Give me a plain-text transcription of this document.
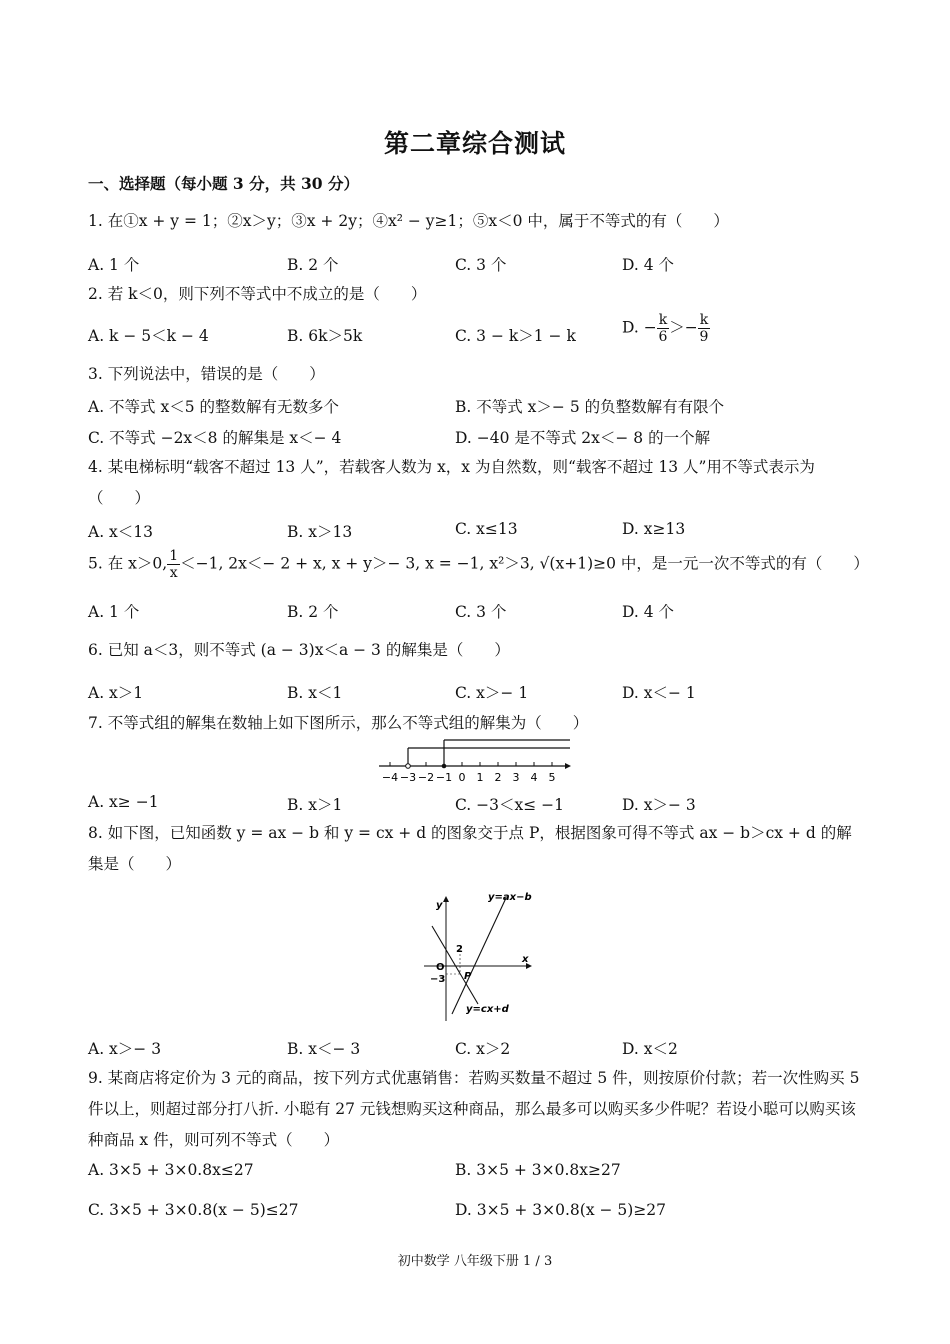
第二章综合测试
一、选择题（每小题 3 分，共 30 分）
1. 在①x + y = 1；②x＞y；③x + 2y；④x² − y≥1；⑤x＜0 中，属于不等式的有（　　）
A. 1 个	B. 2 个	C. 3 个	D. 4 个
2. 若 k＜0，则下列不等式中不成立的是（　　）
A. k − 5＜k − 4	B. 6k＞5k	C. 3 − k＞1 − k	D. − $\frac{k}{6} >- \frac{k}{9}$
3. 下列说法中，错误的是（　　）
A. 不等式 x＜5 的整数解有无数多个	B. 不等式 x＞− 5 的负整数解有有限个
C. 不等式 −2x＜8 的解集是 x＜− 4	D. −40 是不等式 2x＜− 8 的一个解
4. 某电梯标明“载客不超过 13 人”，若载客人数为 x，x 为自然数，则“载客不超过 13 人”用不等式表示为（　　）
A. x＜13	B. x＞13	C. x≤13	D. x≥13
5. 在 x＞0, $\frac{1}{x} <-1$, 2x＜− 2 + x, x + y＞− 3, x = −1, x²＞3, √(x+1)≥0 中，是一元一次不等式的有（　　）
A. 1 个	B. 2 个	C. 3 个	D. 4 个
6. 已知 a＜3，则不等式 (a − 3)x＜a − 3 的解集是（　　）
A. x＞1	B. x＜1	C. x＞− 1	D. x＜− 1
7. 不等式组的解集在数轴上如下图所示，那么不等式组的解集为（　　）
−4 −3 −2 −1 0 1 2 3 4 5
A. x≥ −1	B. x＞1	C. −3＜x≤ −1	D. x＞− 3
8. 如下图，已知函数 y = ax − b 和 y = cx + d 的图象交于点 P，根据图象可得不等式 ax − b＞cx + d 的解集是（　　）
y=ax−b
y=cx+d
y
x
O
2
−3 P
A. x＞− 3	B. x＜− 3	C. x＞2	D. x＜2
9. 某商店将定价为 3 元的商品，按下列方式优惠销售：若购买数量不超过 5 件，则按原价付款；若一次性购买 5 件以上，则超过部分打八折. 小聪有 27 元钱想购买这种商品，那么最多可以购买多少件呢？若设小聪可以购买该种商品 x 件，则可列不等式（　　）
A. 3×5 + 3×0.8x≤27	B. 3×5 + 3×0.8x≥27
C. 3×5 + 3×0.8(x − 5)≤27	D. 3×5 + 3×0.8(x − 5)≥27
初中数学 八年级下册 1 / 3
